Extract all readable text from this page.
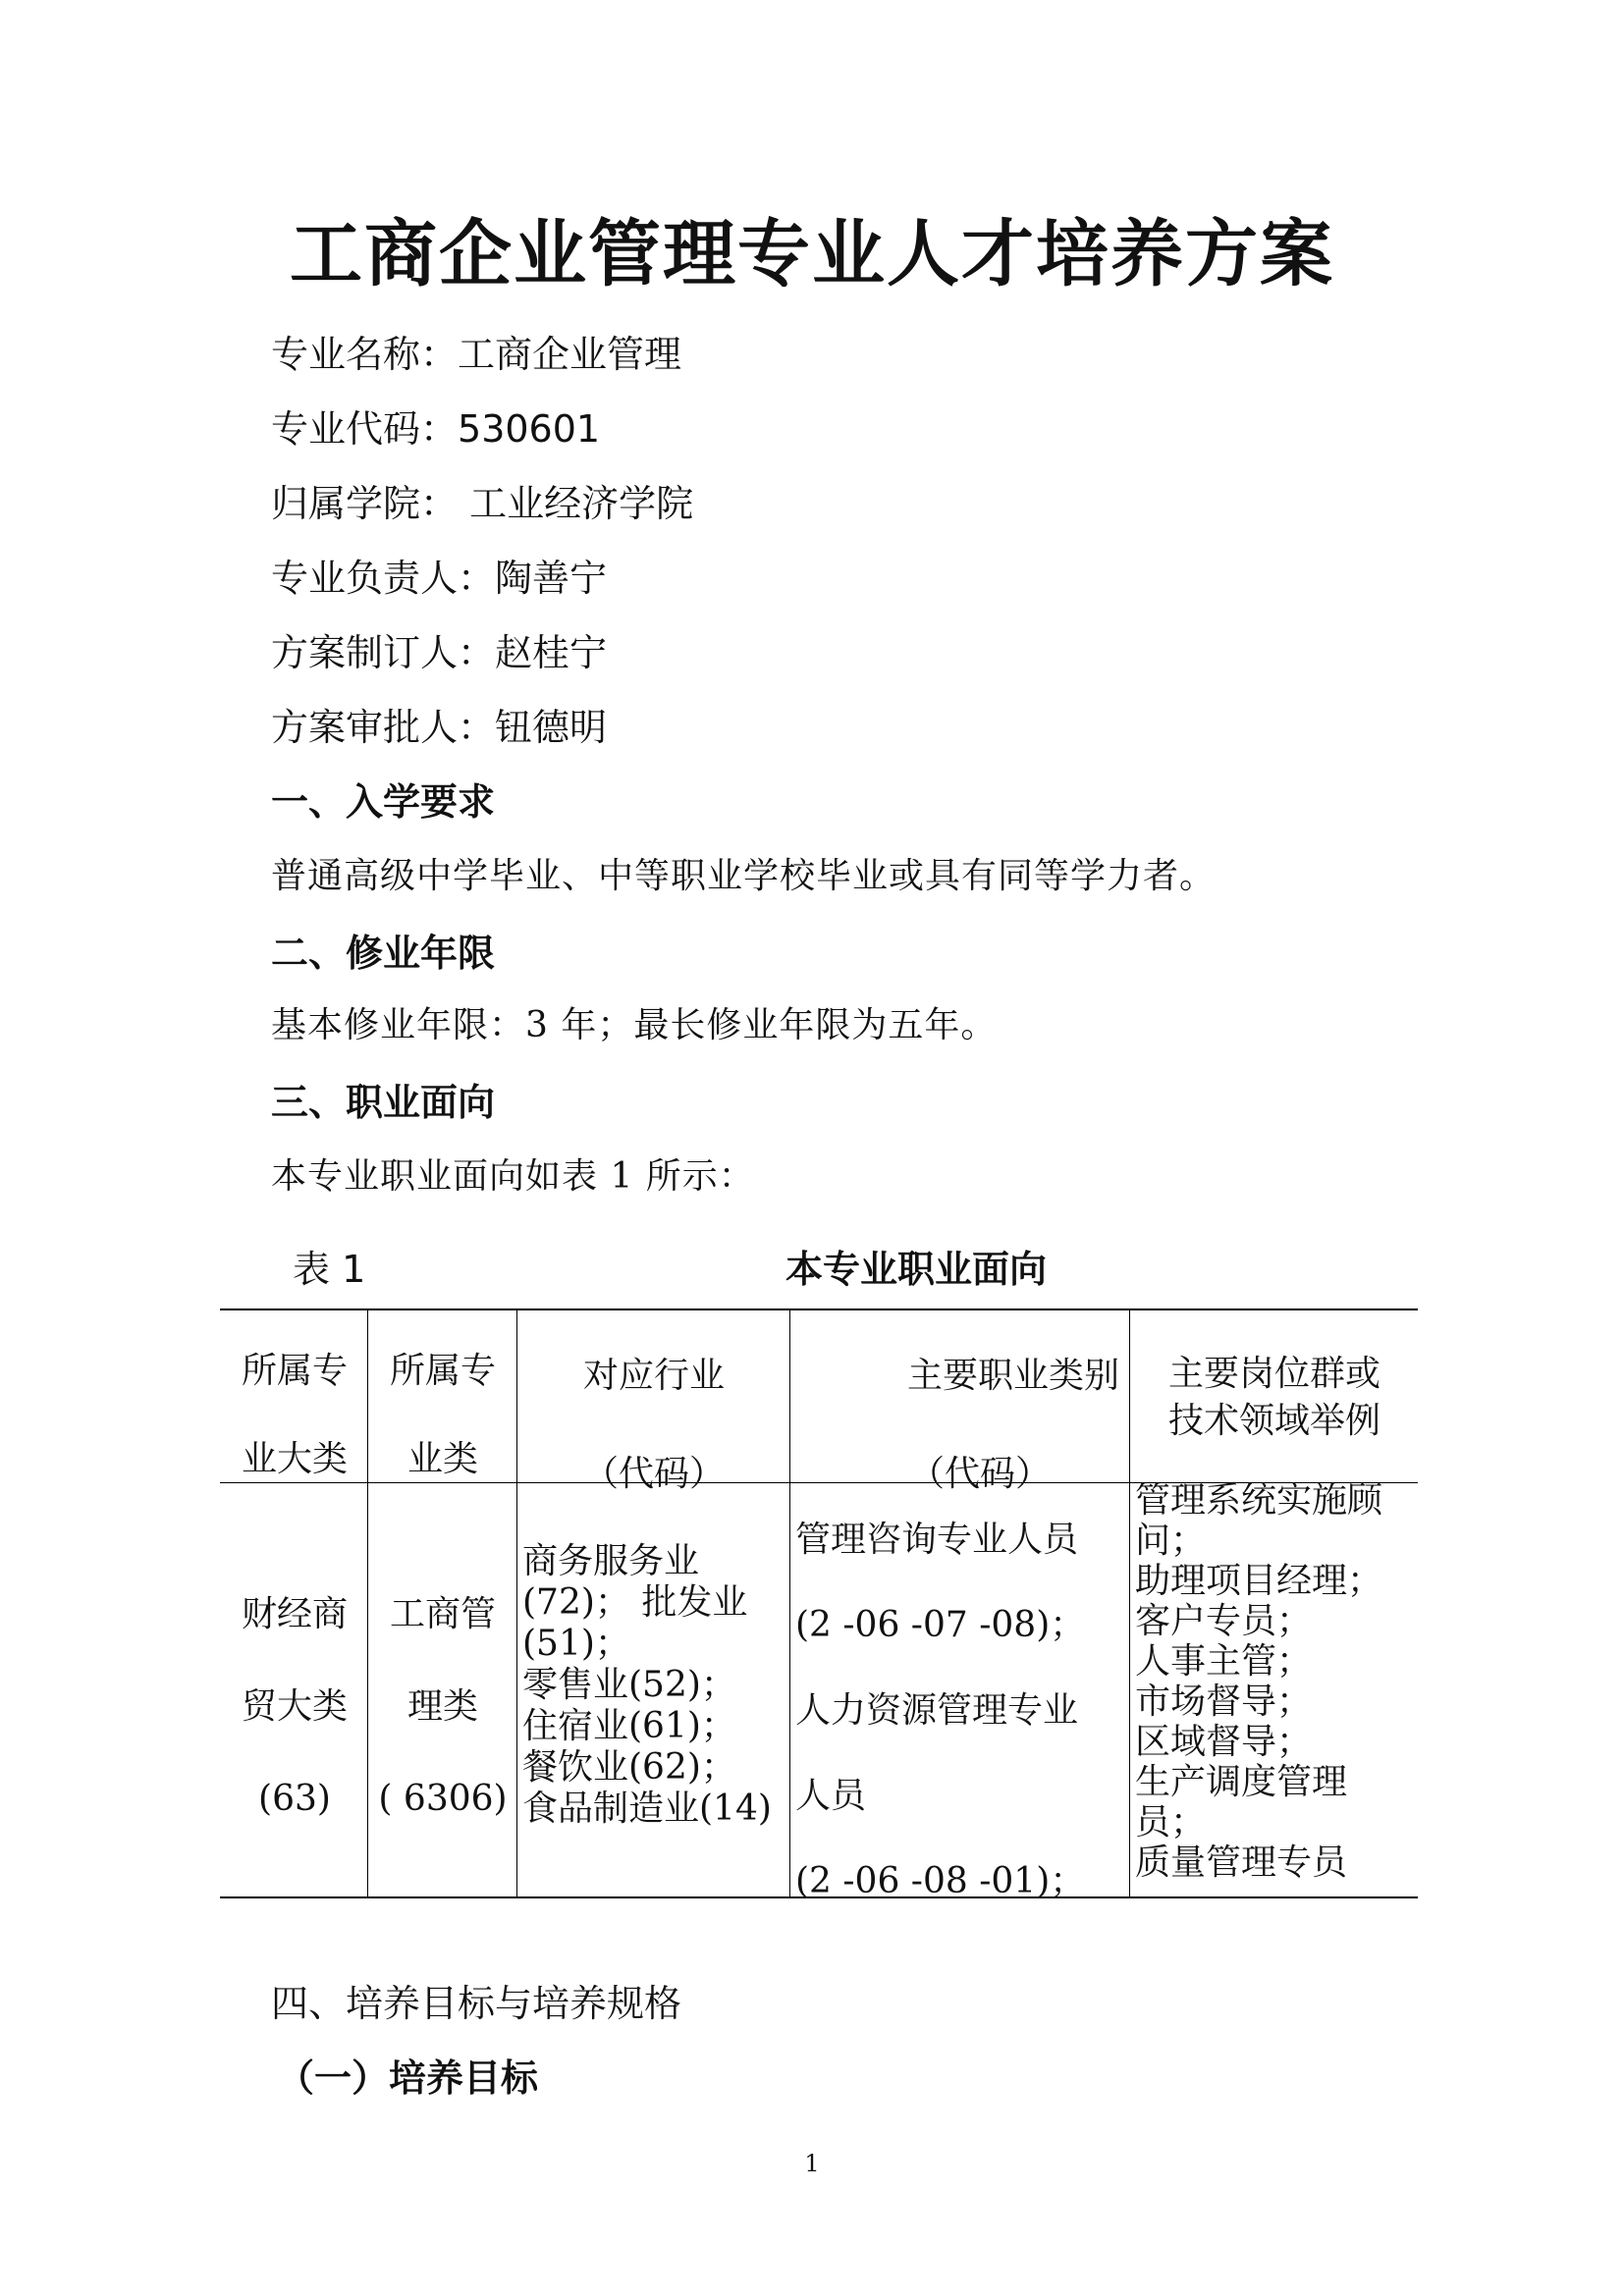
工商企业管理专业人才培养方案
专业名称：工商企业管理
专业代码：530601
归属学院： 工业经济学院
专业负责人：陶善宁
方案制订人：赵桂宁
方案审批人：钮德明
一、入学要求
普通高级中学毕业、中等职业学校毕业或具有同等学力者。
二、修业年限
基本修业年限：3 年；最长修业年限为五年。
三、职业面向
本专业职业面向如表 1 所示：
表 1	本专业职业面向
所属专
业大类
所属专
业类
对应行业
（代码）
主要职业类别
（代码）
主要岗位群或
技术领域举例
财经商
贸大类
(63)
工商管
理类
( 6306)
商务服务业
(72)； 批发业
(51)；
零售业(52)；
住宿业(61)；
餐饮业(62)；
食品制造业(14)
管理咨询专业人员
(2 -06 -07 -08)；
人力资源管理专业
人员
(2 -06 -08 -01)；
管理系统实施顾
问；
助理项目经理；
客户专员；
人事主管；
市场督导；
区域督导；
生产调度管理
员；
质量管理专员
四、培养目标与培养规格
（一）培养目标
1
